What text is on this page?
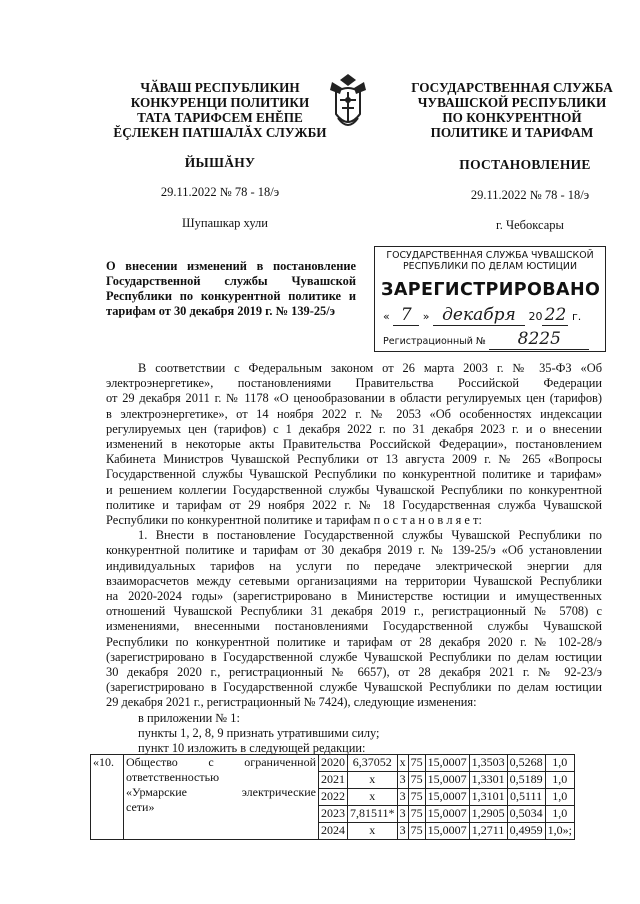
ЧӐВАШ РЕСПУБЛИКИН
КОНКУРЕНЦИ ПОЛИТИКИ
ТАТА ТАРИФСЕМ ЕНĔПЕ
ĔÇЛЕКЕН ПАТШАЛĂХ СЛУЖБИ
ГОСУДАРСТВЕННАЯ СЛУЖБА
ЧУВАШСКОЙ РЕСПУБЛИКИ
ПО КОНКУРЕНТНОЙ
ПОЛИТИКЕ И ТАРИФАМ
ЙЫШĂНУ	ПОСТАНОВЛЕНИЕ
29.11.2022 № 78 - 18/э	29.11.2022 № 78 - 18/э
Шупашкар хули	г. Чебоксары
О внесении изменений в постановление
Государственной службы Чувашской
Республики по конкурентной политике и
тарифам от 30 декабря 2019 г. № 139-25/э
ГОСУДАРСТВЕННАЯ СЛУЖБА ЧУВАШСКОЙ
РЕСПУБЛИКИ ПО ДЕЛАМ ЮСТИЦИИ
ЗАРЕГИСТРИРОВАНО
« 7 » декабря 20 22 г.
Регистрационный № 8225
В соответствии с Федеральным законом от 26 марта 2003 г. № 35-ФЗ «Об
электроэнергетике», постановлениями Правительства Российской Федерации
от 29 декабря 2011 г. № 1178 «О ценообразовании в области регулируемых цен (тарифов)
в электроэнергетике», от 14 ноября 2022 г. № 2053 «Об особенностях индексации
регулируемых цен (тарифов) с 1 декабря 2022 г. по 31 декабря 2023 г. и о внесении
изменений в некоторые акты Правительства Российской Федерации», постановлением
Кабинета Министров Чувашской Республики от 13 августа 2009 г. № 265 «Вопросы
Государственной службы Чувашской Республики по конкурентной политике и тарифам»
и решением коллегии Государственной службы Чувашской Республики по конкурентной
политике и тарифам от 29 ноября 2022 г. № 18 Государственная служба Чувашской
Республики по конкурентной политике и тарифам п о с т а н о в л я е т:
1. Внести в постановление Государственной службы Чувашской Республики по
конкурентной политике и тарифам от 30 декабря 2019 г. № 139-25/э «Об установлении
индивидуальных тарифов на услуги по передаче электрической энергии для
взаиморасчетов между сетевыми организациями на территории Чувашской Республики
на 2020-2024 годы» (зарегистрировано в Министерстве юстиции и имущественных
отношений Чувашской Республики 31 декабря 2019 г., регистрационный № 5708) с
изменениями, внесенными постановлениями Государственной службы Чувашской
Республики по конкурентной политике и тарифам от 28 декабря 2020 г. № 102-28/э
(зарегистрировано в Государственной службе Чувашской Республики по делам юстиции
30 декабря 2020 г., регистрационный № 6657), от 28 декабря 2021 г. № 92-23/э
(зарегистрировано в Государственной службе Чувашской Республики по делам юстиции
29 декабря 2021 г., регистрационный № 7424), следующие изменения:
в приложении № 1:
пункты 1, 2, 8, 9 признать утратившими силу;
пункт 10 изложить в следующей редакции:
«10.	Общество с ограниченной
ответственностью
«Урмарские электрические
сети»	2020	6,37052	x	75	15,0007	1,3503	0,5268	1,0
		2021	x	3	75	15,0007	1,3301	0,5189	1,0
		2022	x	3	75	15,0007	1,3101	0,5111	1,0
		2023	7,81511*	3	75	15,0007	1,2905	0,5034	1,0
		2024	x	3	75	15,0007	1,2711	0,4959	1,0»;
